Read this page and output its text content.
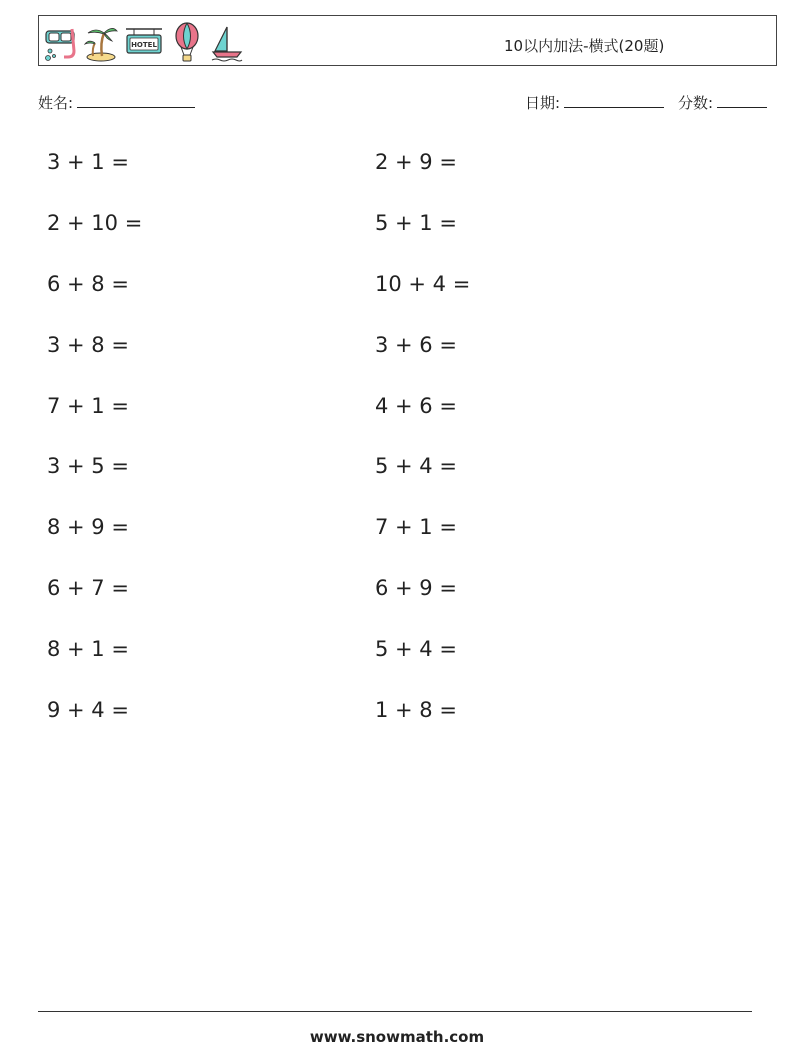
HOTEL	10以内加法-横式(20题)
姓名:	日期:	分数:
3 + 1 =
2 + 10 =
6 + 8 =
3 + 8 =
7 + 1 =
3 + 5 =
8 + 9 =
6 + 7 =
8 + 1 =
9 + 4 =
2 + 9 =
5 + 1 =
10 + 4 =
3 + 6 =
4 + 6 =
5 + 4 =
7 + 1 =
6 + 9 =
5 + 4 =
1 + 8 =
www.snowmath.com
